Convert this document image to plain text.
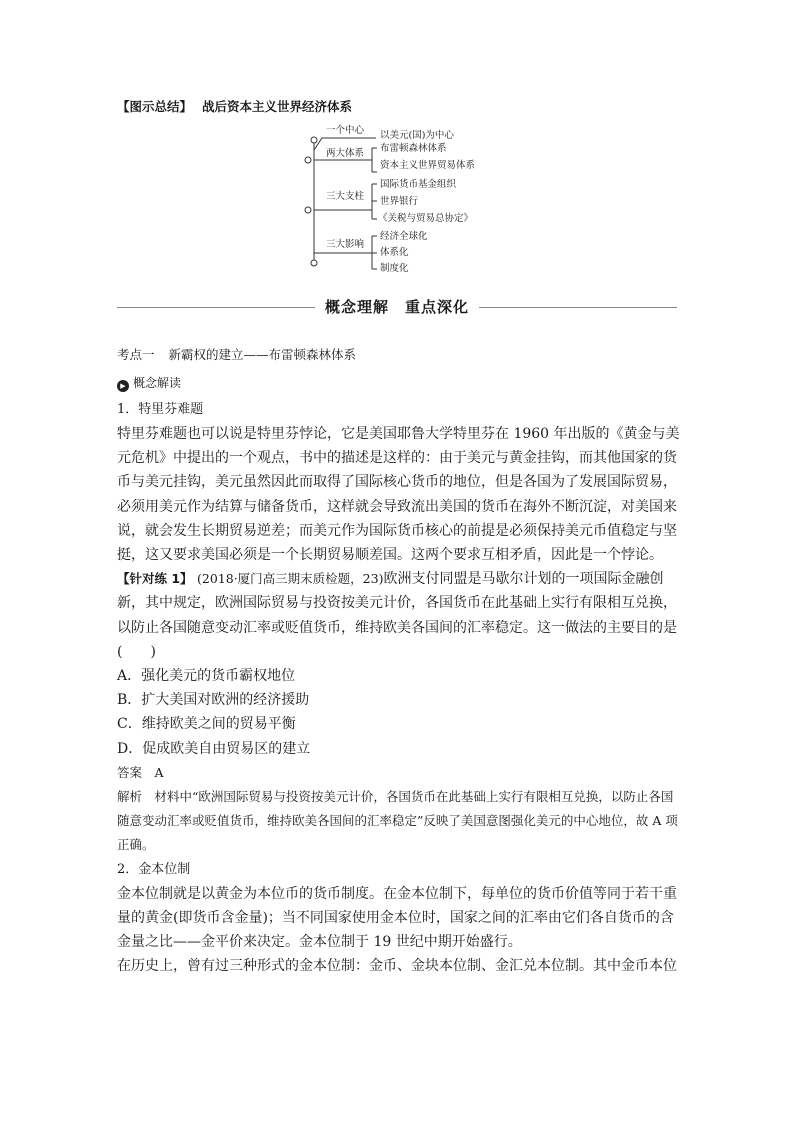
【图示总结】 战后资本主义世界经济体系
一个中心 以美元(国)为中心
两大体系 布雷顿森林体系
资本主义世界贸易体系
三大支柱
国际货币基金组织
世界银行
《关税与贸易总协定》
三大影响
经济全球化
体系化
制度化
概念理解　重点深化
考点一 新霸权的建立——布雷顿森林体系
▶ 概念解读

1．特里芬难题

特里芬难题也可以说是特里芬悖论，它是美国耶鲁大学特里芬在 1960 年出版的《黄金与美元危机》中提出的一个观点，书中的描述是这样的：由于美元与黄金挂钩，而其他国家的货币与美元挂钩，美元虽然因此而取得了国际核心货币的地位，但是各国为了发展国际贸易，必须用美元作为结算与储备货币，这样就会导致流出美国的货币在海外不断沉淀，对美国来说，就会发生长期贸易逆差；而美元作为国际货币核心的前提是必须保持美元币值稳定与坚挺，这又要求美国必须是一个长期贸易顺差国。这两个要求互相矛盾，因此是一个悖论。

【针对练 1】 (2018·厦门高三期末质检题，23)欧洲支付同盟是马歇尔计划的一项国际金融创新，其中规定，欧洲国际贸易与投资按美元计价，各国货币在此基础上实行有限相互兑换，以防止各国随意变动汇率或贬值货币，维持欧美各国间的汇率稳定。这一做法的主要目的是(　　)

A．强化美元的货币霸权地位

B．扩大美国对欧洲的经济援助

C．维持欧美之间的贸易平衡

D．促成欧美自由贸易区的建立

答案　 A

解析　 材料中“欧洲国际贸易与投资按美元计价，各国货币在此基础上实行有限相互兑换，以防止各国随意变动汇率或贬值货币，维持欧美各国间的汇率稳定”反映了美国意图强化美元的中心地位，故 A 项正确。

2．金本位制

金本位制就是以黄金为本位币的货币制度。在金本位制下，每单位的货币价值等同于若干重量的黄金(即货币含金量)；当不同国家使用金本位时，国家之间的汇率由它们各自货币的含金量之比——金平价来决定。金本位制于 19 世纪中期开始盛行。

在历史上，曾有过三种形式的金本位制：金币、金块本位制、金汇兑本位制。其中金币本位
